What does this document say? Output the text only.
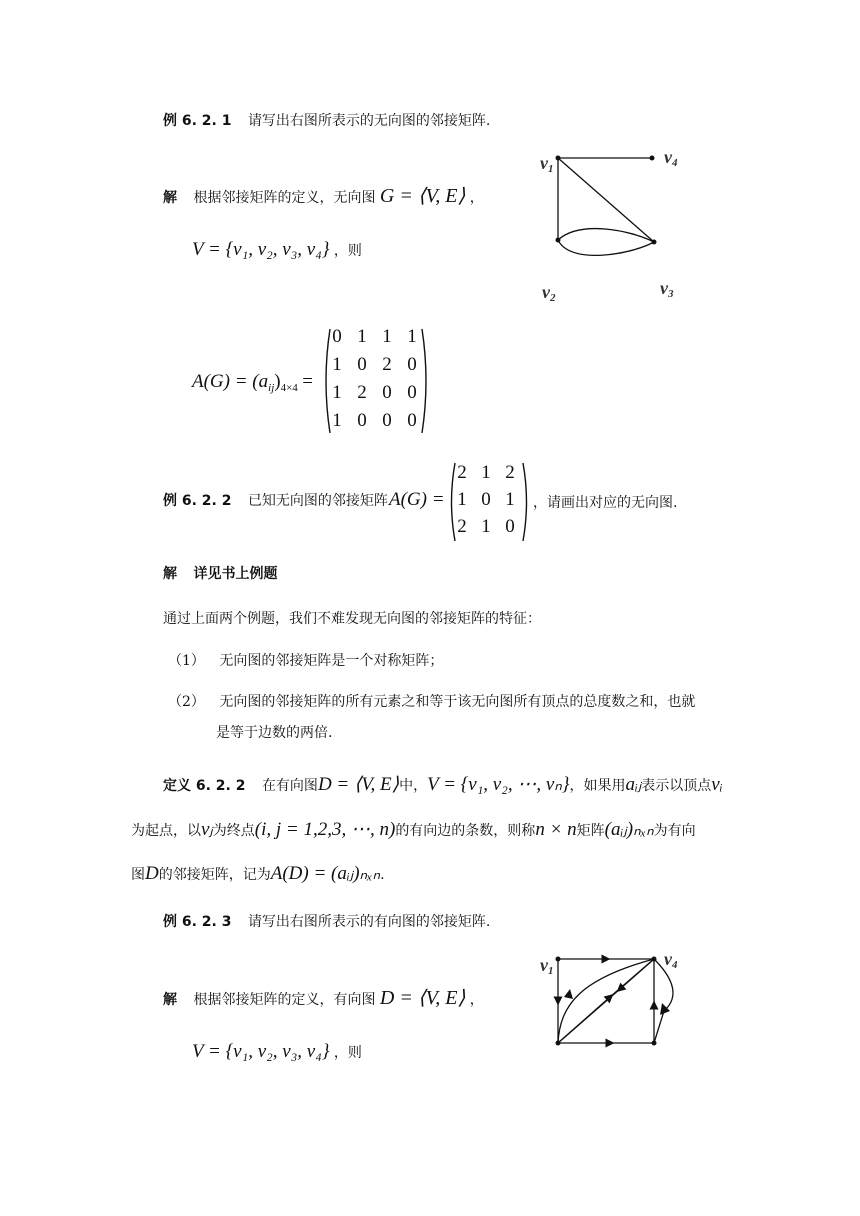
例 6. 2. 1 请写出右图所表示的无向图的邻接矩阵.
解 根据邻接矩阵的定义，无向图 G = ⟨V, E⟩ ，
V = {v₁, v₂, v₃, v₄} ，则
v1
v4
v2	v3
$A(G) = (a_{ij})_{4\times 4}$ =
0 1 1 1
1 0 2 0
1 2 0 0
1 0 0 0
例 6. 2. 2 已知无向图的邻接矩阵 A(G) =
2 1 2
1 0 1
2 1 0
，请画出对应的无向图.
解 详见书上例题
通过上面两个例题，我们不难发现无向图的邻接矩阵的特征：
（1） 无向图的邻接矩阵是一个对称矩阵；
（2） 无向图的邻接矩阵的所有元素之和等于该无向图所有顶点的总度数之和，也就
是等于边数的两倍.
定义 6. 2. 2 在有向图D = ⟨V, E⟩中，V = {v₁, v₂, ⋯, vₙ}，如果用aᵢⱼ表示以顶点vᵢ
为起点，以vⱼ为终点(i, j = 1,2,3, ⋯, n)的有向边的条数，则称n × n矩阵(aᵢⱼ)ₙₓₙ为有向
图D的邻接矩阵，记为A(D) = (aᵢⱼ)ₙₓₙ.
例 6. 2. 3 请写出右图所表示的有向图的邻接矩阵.
解 根据邻接矩阵的定义，有向图 D = ⟨V, E⟩ ，
V = {v₁, v₂, v₃, v₄} ，则
v1
v4
